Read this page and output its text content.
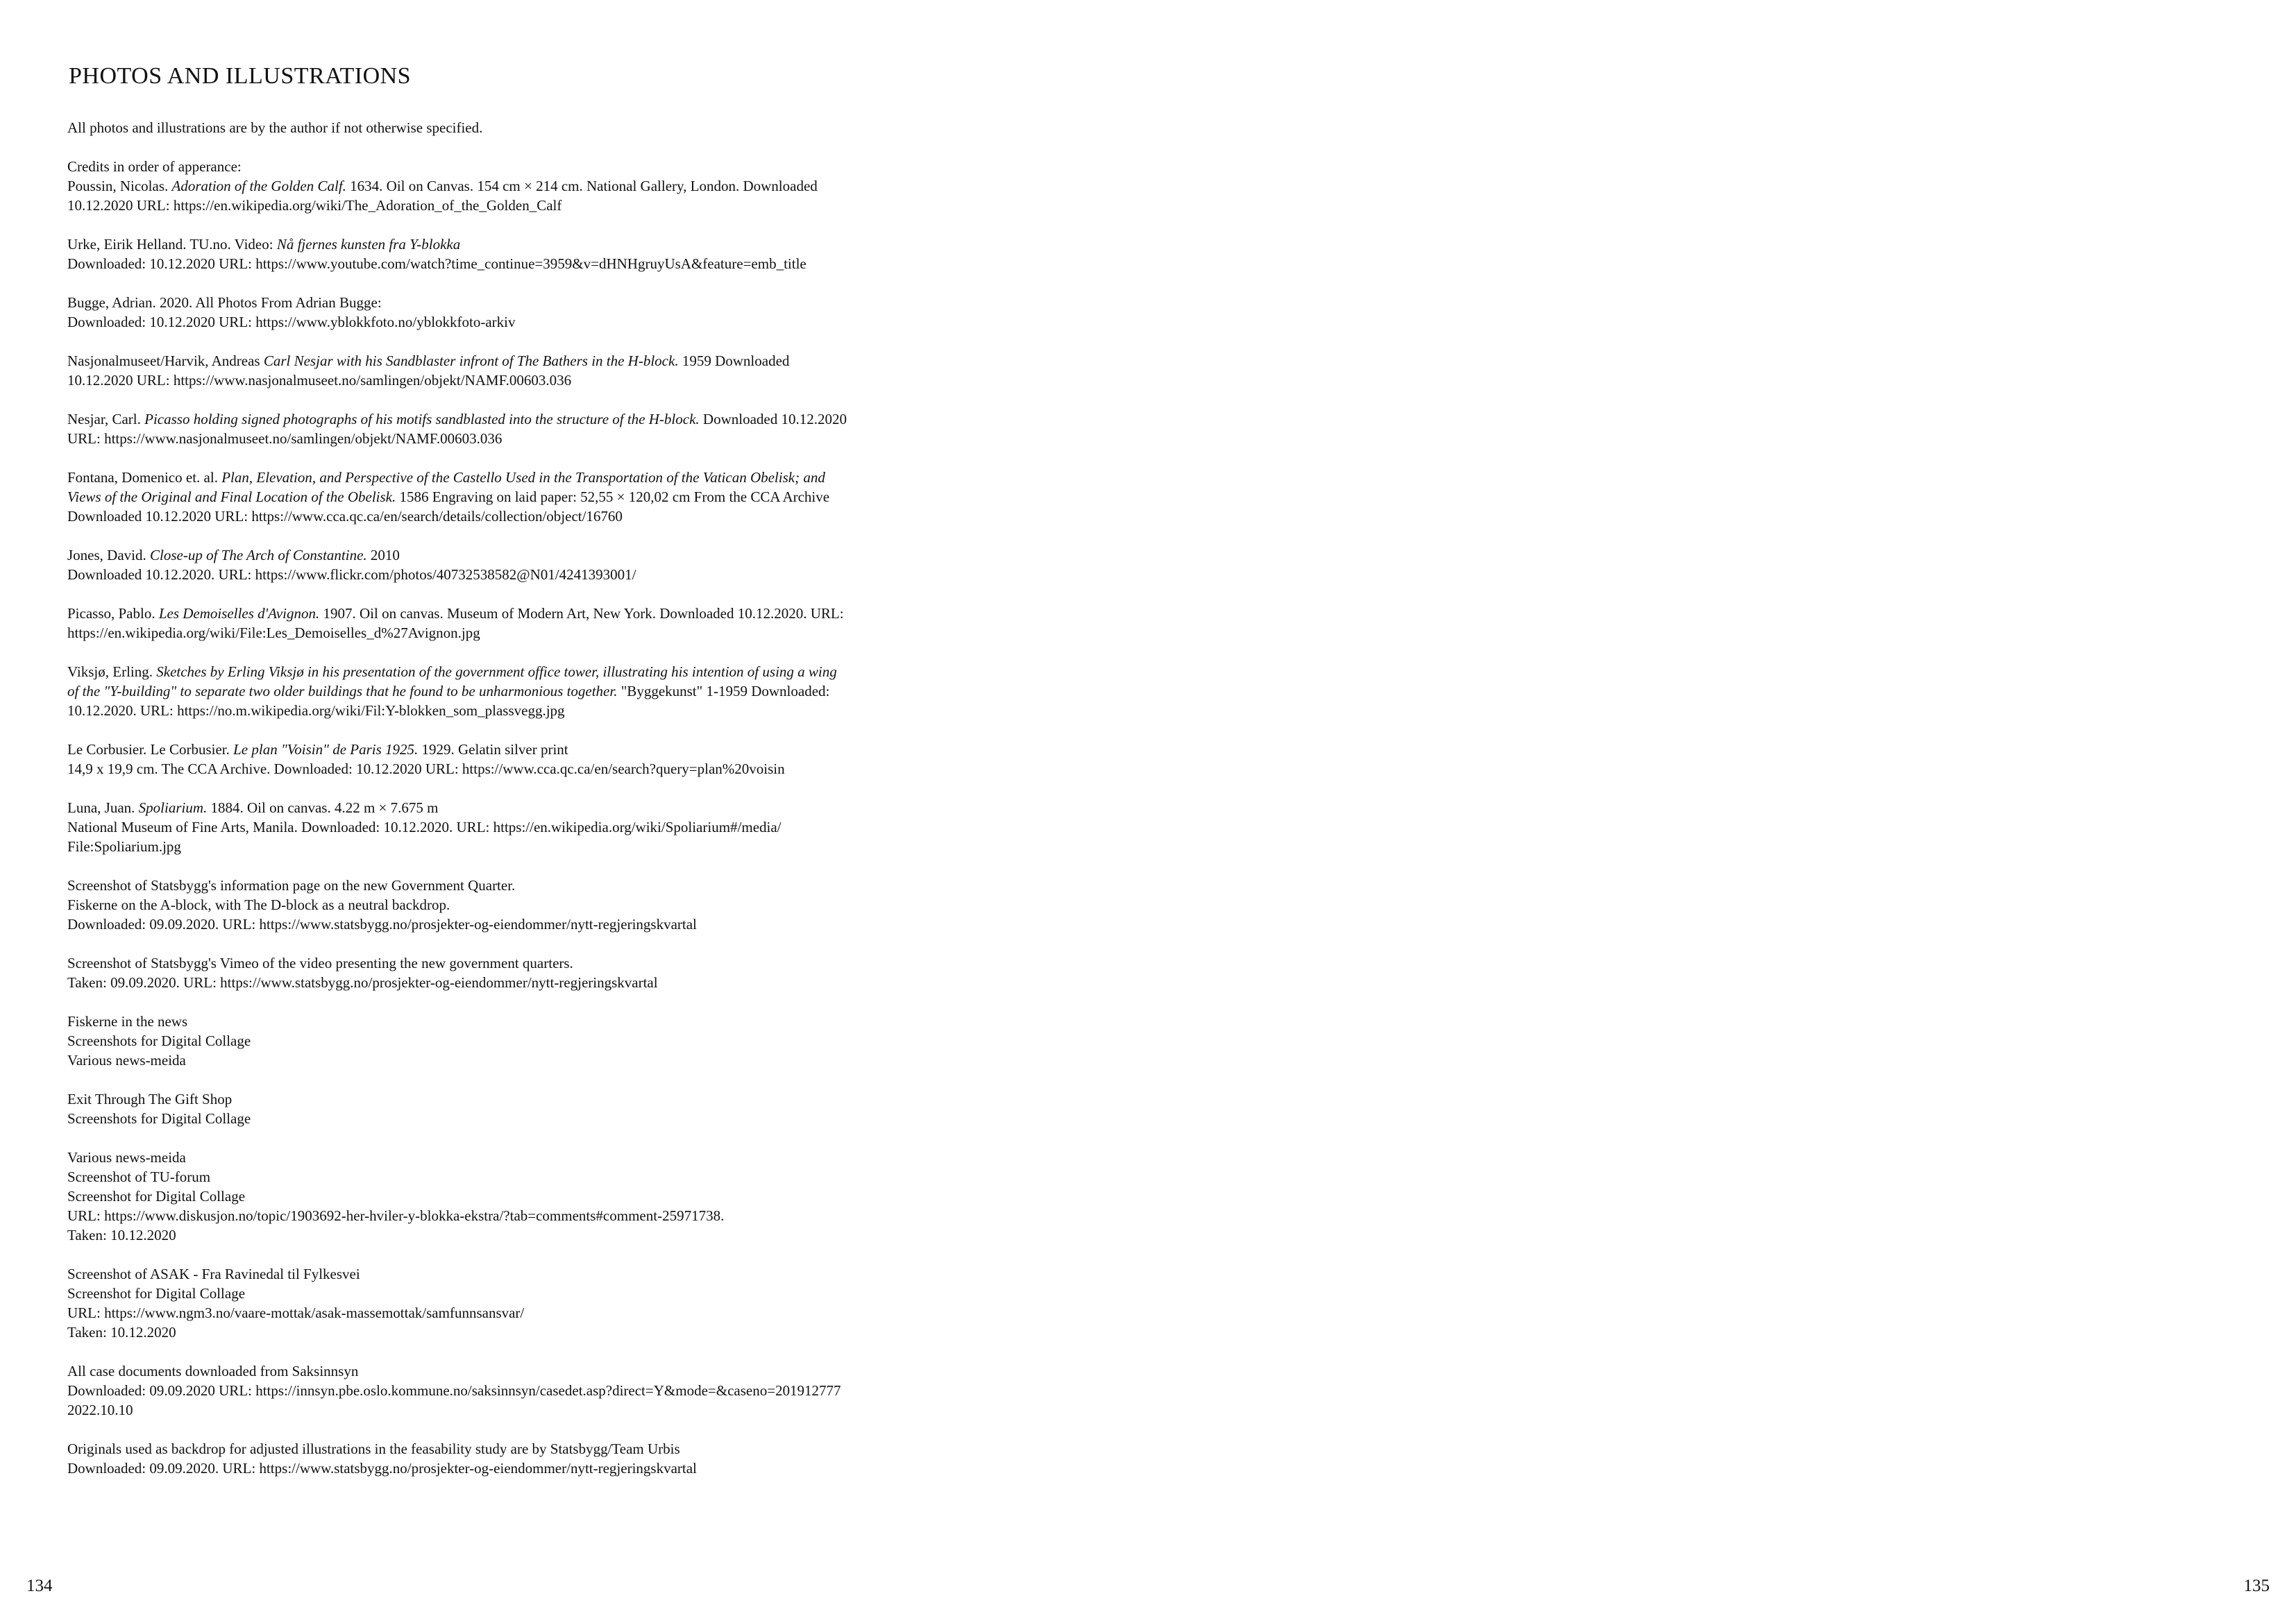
PHOTOS AND ILLUSTRATIONS

All photos and illustrations are by the author if not otherwise specified.

Credits in order of apperance:

Poussin, Nicolas. Adoration of the Golden Calf. 1634. Oil on Canvas. 154 cm × 214 cm. National Gallery, London. Downloaded
10.12.2020 URL: https://en.wikipedia.org/wiki/The_Adoration_of_the_Golden_Calf

Urke, Eirik Helland. TU.no. Video: Nå fjernes kunsten fra Y-blokka
Downloaded: 10.12.2020 URL: https://www.youtube.com/watch?time_continue=3959&v=dHNHgruyUsA&feature=emb_title

Bugge, Adrian. 2020. All Photos From Adrian Bugge:
Downloaded: 10.12.2020 URL: https://www.yblokkfoto.no/yblokkfoto-arkiv

Nasjonalmuseet/Harvik, Andreas Carl Nesjar with his Sandblaster infront of The Bathers in the H-block. 1959 Downloaded
10.12.2020 URL: https://www.nasjonalmuseet.no/samlingen/objekt/NAMF.00603.036

Nesjar, Carl. Picasso holding signed photographs of his motifs sandblasted into the structure of the H-block. Downloaded 10.12.2020
URL: https://www.nasjonalmuseet.no/samlingen/objekt/NAMF.00603.036

Fontana, Domenico et. al. Plan, Elevation, and Perspective of the Castello Used in the Transportation of the Vatican Obelisk; and
Views of the Original and Final Location of the Obelisk. 1586 Engraving on laid paper: 52,55 × 120,02 cm From the CCA Archive
Downloaded 10.12.2020 URL: https://www.cca.qc.ca/en/search/details/collection/object/16760

Jones, David. Close-up of The Arch of Constantine. 2010
Downloaded 10.12.2020. URL: https://www.flickr.com/photos/40732538582@N01/4241393001/

Picasso, Pablo. Les Demoiselles d'Avignon. 1907. Oil on canvas. Museum of Modern Art, New York. Downloaded 10.12.2020. URL:
https://en.wikipedia.org/wiki/File:Les_Demoiselles_d%27Avignon.jpg

Viksjø, Erling. Sketches by Erling Viksjø in his presentation of the government office tower, illustrating his intention of using a wing
of the "Y-building" to separate two older buildings that he found to be unharmonious together. "Byggekunst" 1-1959 Downloaded:
10.12.2020. URL: https://no.m.wikipedia.org/wiki/Fil:Y-blokken_som_plassvegg.jpg

Le Corbusier. Le Corbusier. Le plan "Voisin" de Paris 1925. 1929. Gelatin silver print
14,9 x 19,9 cm. The CCA Archive. Downloaded: 10.12.2020 URL: https://www.cca.qc.ca/en/search?query=plan%20voisin

Luna, Juan. Spoliarium. 1884. Oil on canvas. 4.22 m × 7.675 m
National Museum of Fine Arts, Manila. Downloaded: 10.12.2020. URL: https://en.wikipedia.org/wiki/Spoliarium#/media/
File:Spoliarium.jpg

Screenshot of Statsbygg's information page on the new Government Quarter.
Fiskerne on the A-block, with The D-block as a neutral backdrop.
Downloaded: 09.09.2020. URL: https://www.statsbygg.no/prosjekter-og-eiendommer/nytt-regjeringskvartal

Screenshot of Statsbygg's Vimeo of the video presenting the new government quarters.
Taken: 09.09.2020. URL: https://www.statsbygg.no/prosjekter-og-eiendommer/nytt-regjeringskvartal

Fiskerne in the news
Screenshots for Digital Collage
Various news-meida

Exit Through The Gift Shop
Screenshots for Digital Collage

Various news-meida
Screenshot of TU-forum
Screenshot for Digital Collage
URL: https://www.diskusjon.no/topic/1903692-her-hviler-y-blokka-ekstra/?tab=comments#comment-25971738.
Taken: 10.12.2020

Screenshot of ASAK - Fra Ravinedal til Fylkesvei
Screenshot for Digital Collage
URL: https://www.ngm3.no/vaare-mottak/asak-massemottak/samfunnsansvar/
Taken: 10.12.2020

All case documents downloaded from Saksinnsyn
Downloaded: 09.09.2020 URL: https://innsyn.pbe.oslo.kommune.no/saksinnsyn/casedet.asp?direct=Y&mode=&caseno=201912777
2022.10.10

Originals used as backdrop for adjusted illustrations in the feasability study are by Statsbygg/Team Urbis
Downloaded: 09.09.2020. URL: https://www.statsbygg.no/prosjekter-og-eiendommer/nytt-regjeringskvartal

134	135
